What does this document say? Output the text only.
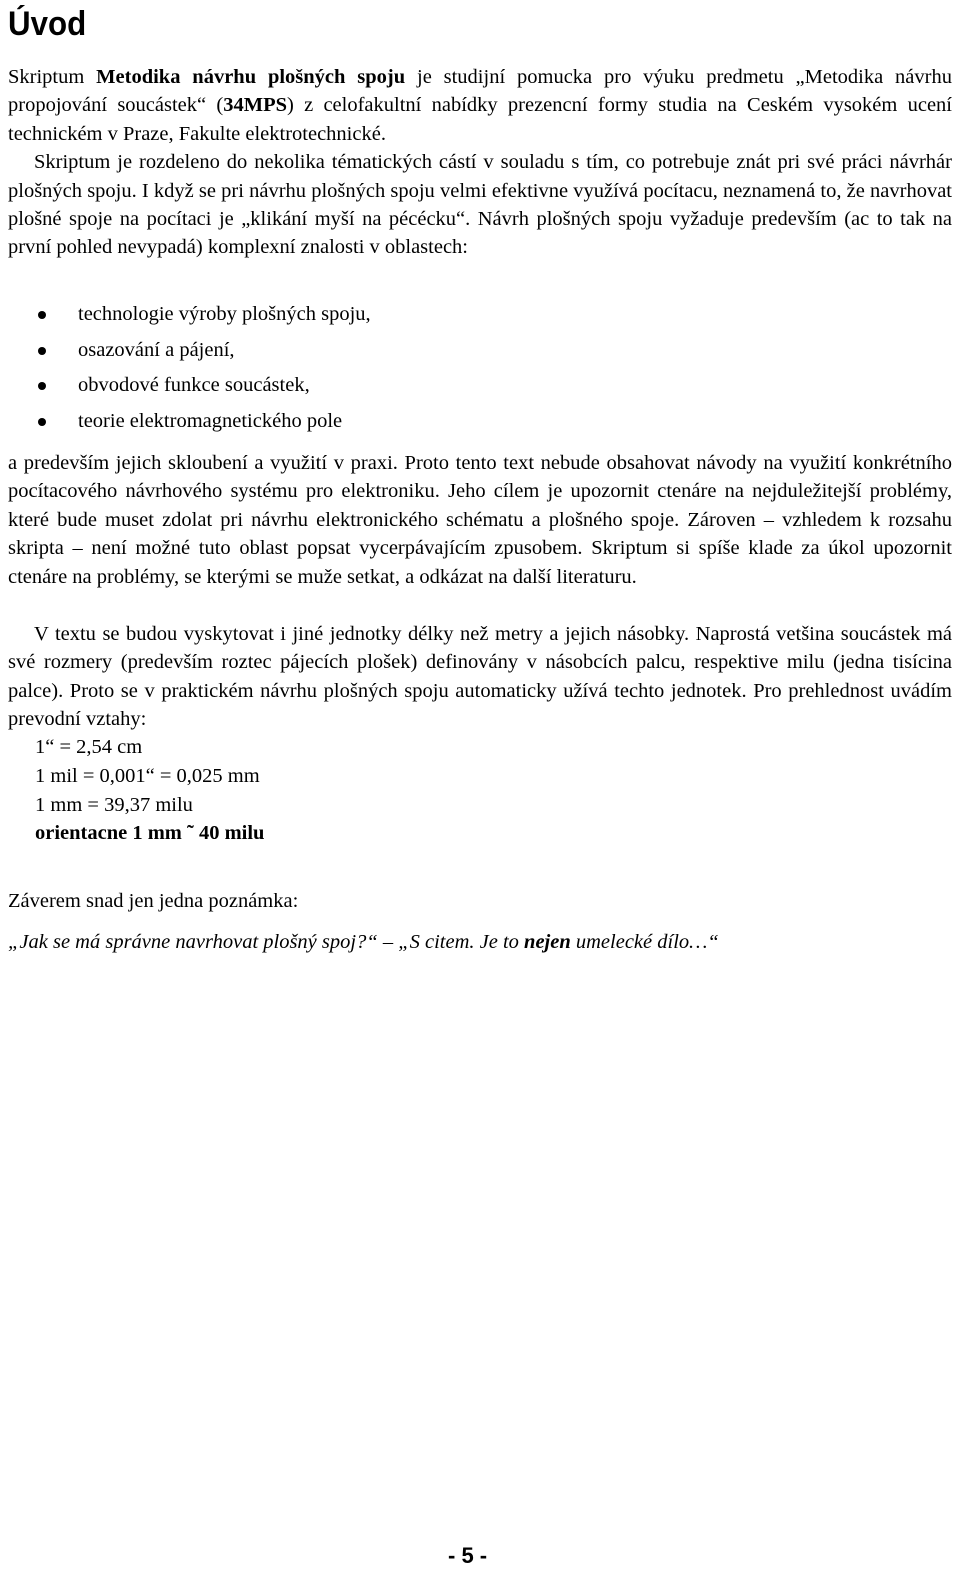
Úvod

Skriptum Metodika návrhu plošných spoju je studijní pomucka pro výuku predmetu „Metodika návrhu propojování soucástek“ (34MPS) z celofakultní nabídky prezencní formy studia na Ceském vysokém ucení technickém v Praze, Fakulte elektrotechnické.
Skriptum je rozdeleno do nekolika tématických cástí v souladu s tím, co potrebuje znát pri své práci návrhár plošných spoju. I když se pri návrhu plošných spoju velmi efektivne využívá pocítacu, neznamená to, že navrhovat plošné spoje na pocítaci je „klikání myší na pécécku“. Návrh plošných spoju vyžaduje predevším (ac to tak na první pohled nevypadá) komplexní znalosti v oblastech:

technologie výroby plošných spoju,
osazování a pájení,
obvodové funkce soucástek,
teorie elektromagnetického pole

a predevším jejich skloubení a využití v praxi. Proto tento text nebude obsahovat návody na využití konkrétního pocítacového návrhového systému pro elektroniku. Jeho cílem je upozornit ctenáre na nejduležitejší problémy, které bude muset zdolat pri návrhu elektronického schématu a plošného spoje. Zároven – vzhledem k rozsahu skripta – není možné tuto oblast popsat vycerpávajícím zpusobem. Skriptum si spíše klade za úkol upozornit ctenáre na problémy, se kterými se muže setkat, a odkázat na další literaturu.

V textu se budou vyskytovat i jiné jednotky délky než metry a jejich násobky. Naprostá vetšina soucástek má své rozmery (predevším roztec pájecích plošek) definovány v násobcích palcu, respektive milu (jedna tisícina palce). Proto se v praktickém návrhu plošných spoju automaticky užívá techto jednotek. Pro prehlednost uvádím prevodní vztahy:

1“ = 2,54 cm
1 mil = 0,001“ = 0,025 mm
1 mm = 39,37 milu
orientacne 1 mm ˜ 40 milu
Záverem snad jen jedna poznámka:
„Jak se má správne navrhovat plošný spoj?“ – „S citem. Je to nejen umelecké dílo…“
- 5 -
